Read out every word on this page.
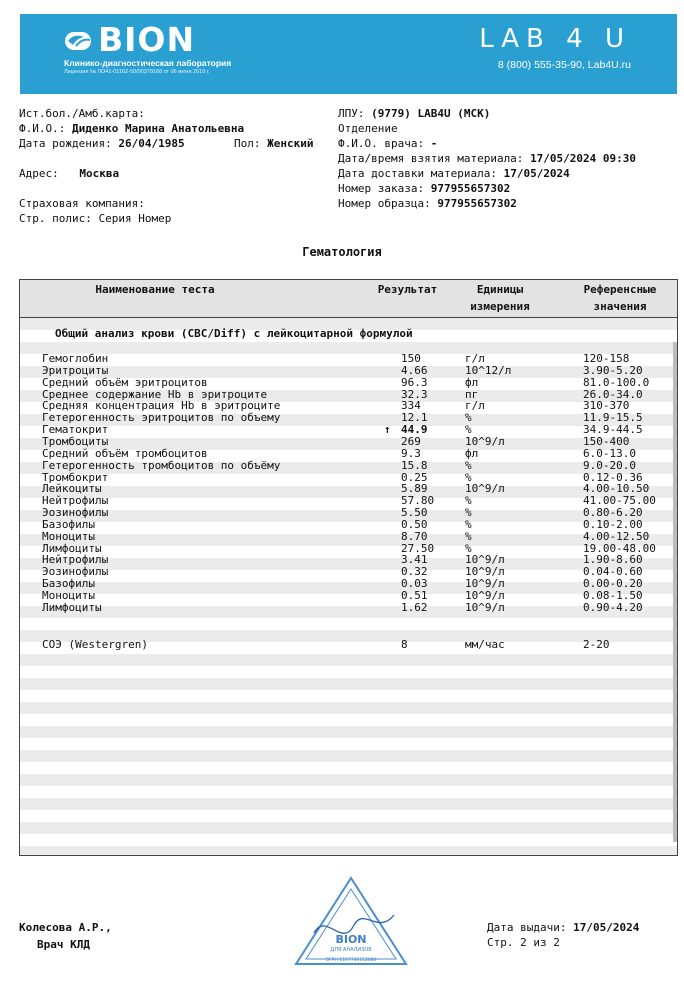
BION
Клинико-диагностическая лаборатория
Лицензия № ЛО41-01162-50/00370168 от 06 июня 2019 г.
LAB 4 U
8 (800) 555-35-90, Lab4U.ru
Ист.бол./Амб.карта:
Ф.И.О.: Диденко Марина Анатольевна
Дата рождения: 26/04/1985	Пол: Женский
Адрес: Москва
Страховая компания:
Стр. полис: Серия Номер
ЛПУ: (9779) LAB4U (МСК)
Отделение
Ф.И.О. врача: -
Дата/время взятия материала: 17/05/2024 09:30
Дата доставки материала: 17/05/2024
Номер заказа: 977955657302
Номер образца: 977955657302
Гематология
Наименование теста	Результат	Единицы
измерения
Референсные
значения
Общий анализ крови (CBC/Diff) с лейкоцитарной формулой
Гемоглобин	150	г/л	120-158
Эритроциты	4.66	10^12/л	3.90-5.20
Средний объём эритроцитов	96.3	фл	81.0-100.0
Среднее содержание Hb в эритроците	32.3	пг	26.0-34.0
Средняя концентрация Hb в эритроците	334	г/л	310-370
Гетерогенность эритроцитов по объему	12.1	%	11.9-15.5
Гематокрит	44.9	%	34.9-44.5
↑
Тромбоциты	269	10^9/л	150-400
Средний объём тромбоцитов	9.3	фл	6.0-13.0
Гетерогенность тромбоцитов по объёму	15.8	%	9.0-20.0
Тромбокрит	0.25	%	0.12-0.36
Лейкоциты	5.89	10^9/л	4.00-10.50
Нейтрофилы	57.80	%	41.00-75.00
Эозинофилы	5.50	%	0.80-6.20
Базофилы	0.50	%	0.10-2.00
Моноциты	8.70	%	4.00-12.50
Лимфоциты	27.50	%	19.00-48.00
Нейтрофилы	3.41	10^9/л	1.90-8.60
Эозинофилы	0.32	10^9/л	0.04-0.60
Базофилы	0.03	10^9/л	0.00-0.20
Моноциты	0.51	10^9/л	0.08-1.50
Лимфоциты	1.62	10^9/л	0.90-4.20
СОЭ (Westergren)	8	мм/час	2-20
Колесова А.Р.,
Врач КЛД
Дата выдачи: 17/05/2024
Стр. 2 из 2
BION
ДЛЯ АНАЛИЗОВ
ОГРН 1107746112880
